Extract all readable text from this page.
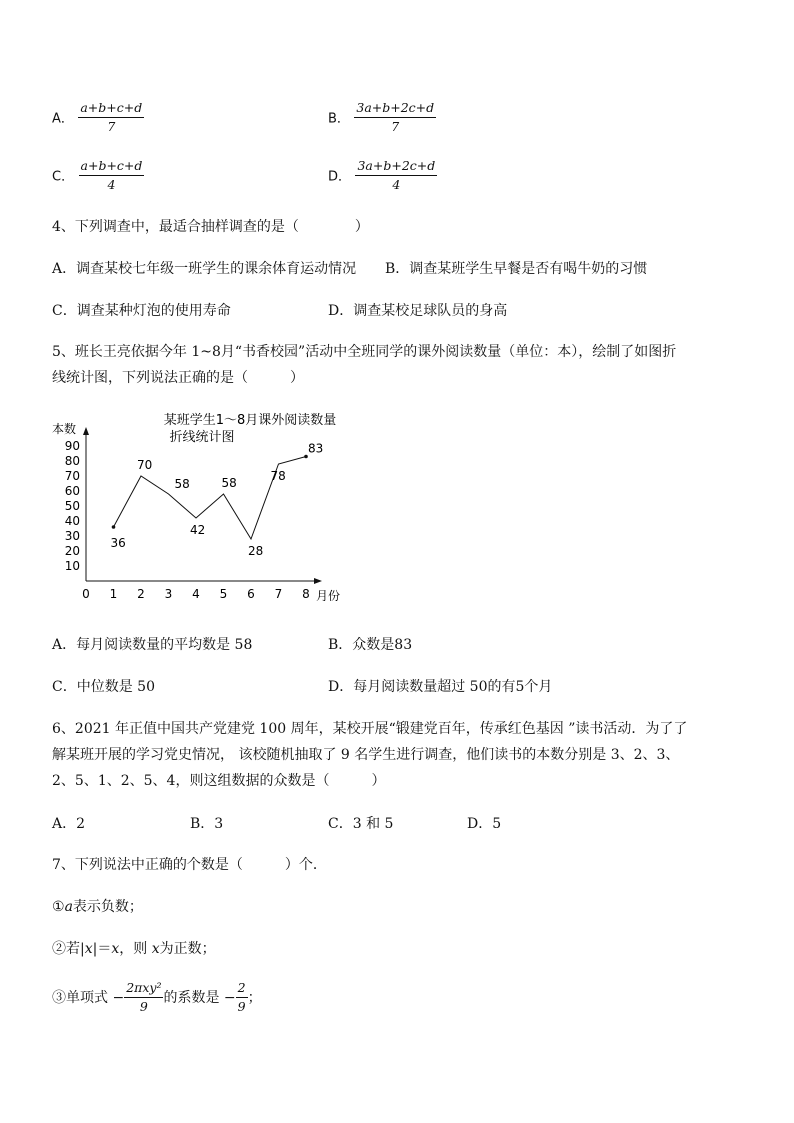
A． $\frac{a+b+c+d}{7}$	B． $\frac{3a+b+2c+d}{7}$
C． $\frac{a+b+c+d}{4}$	D． $\frac{3a+b+2c+d}{4}$
4、下列调查中，最适合抽样调查的是（　　　　）
A．调查某校七年级一班学生的课余体育运动情况 B．调查某班学生早餐是否有喝牛奶的习惯
C．调查某种灯泡的使用寿命	D．调查某校足球队员的身高
5、班长王亮依据今年 1~8月“书香校园”活动中全班同学的课外阅读数量（单位：本），绘制了如图折
线统计图，下列说法正确的是（　　　）
某班学生1～8月课外阅读数量
折线统计图
本数
月份
10
20
30
40
50
60
70
80
90
0 1 2 3 4 5 6 7 8
36
70
58
42
58
28
78
83
A．每月阅读数量的平均数是 58	B．众数是83
C．中位数是 50	D．每月阅读数量超过 50的有5个月
6、2021 年正值中国共产党建党 100 周年，某校开展“锻建党百年，传承红色基因 ”读书活动．为了了
解某班开展的学习党史情况， 该校随机抽取了 9 名学生进行调查，他们读书的本数分别是 3、2、3、
2、5、1、2、5、4，则这组数据的众数是（　　　）
A．2	B．3	C．3 和 5	D．5
7、下列说法中正确的个数是（　　　）个．
①a表示负数；
②若|x|＝x，则 x为正数；
③单项式 − $\frac{\text{2πxy²}}{9}$ 的系数是 − $\frac{2}{9}$ ；
